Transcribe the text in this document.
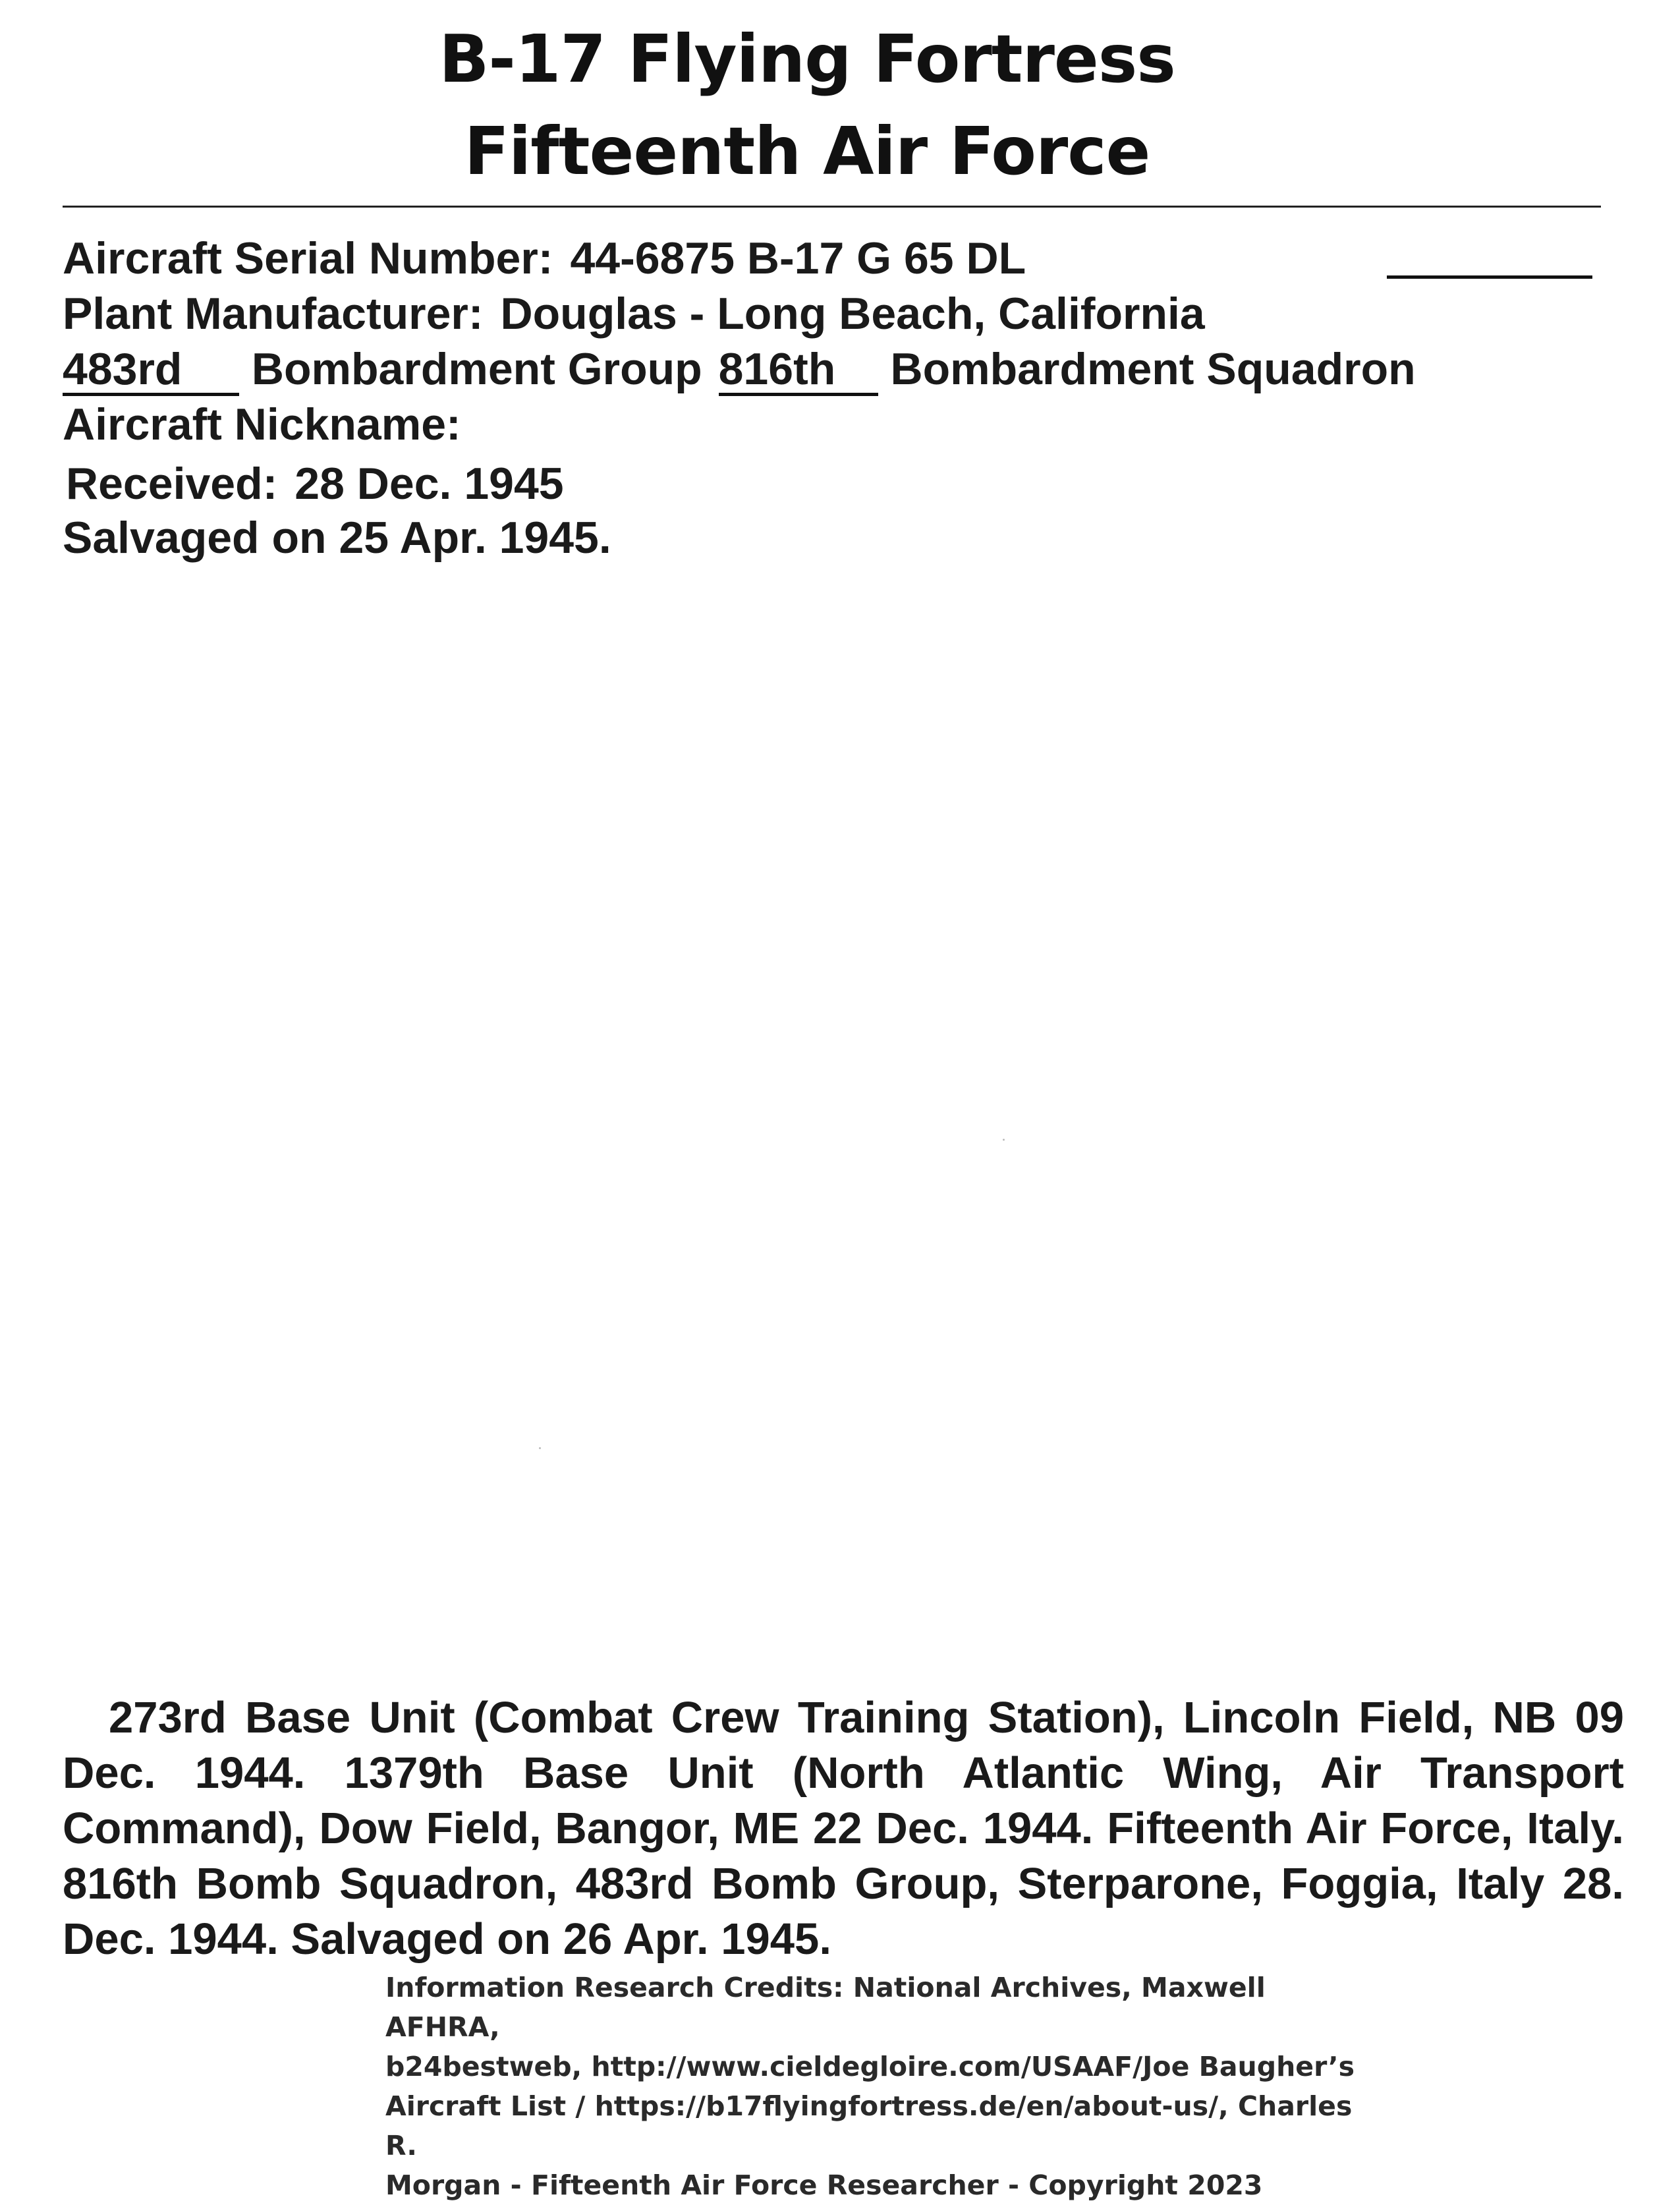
B-17 Flying Fortress
Fifteenth Air Force
Aircraft Serial Number: 44-6875 B-17 G 65 DL
Plant Manufacturer: Douglas - Long Beach, California
483rd Bombardment Group 816th Bombardment Squadron
Aircraft Nickname:
Received: 28 Dec. 1945
Salvaged on 25 Apr. 1945.

273rd Base Unit (Combat Crew Training Station), Lincoln Field, NB 09 Dec. 1944. 1379th Base Unit (North Atlantic Wing, Air Transport Command), Dow Field, Bangor, ME 22 Dec. 1944. Fifteenth Air Force, Italy. 816th Bomb Squadron, 483rd Bomb Group, Sterparone, Foggia, Italy 28. Dec. 1944. Salvaged on 26 Apr. 1945.

Information Research Credits: National Archives, Maxwell AFHRA,
b24bestweb, http://www.cieldegloire.com/USAAF/Joe Baugher’s
Aircraft List / https://b17flyingfortress.de/en/about-us/, Charles R.
Morgan - Fifteenth Air Force Researcher - Copyright 2023
